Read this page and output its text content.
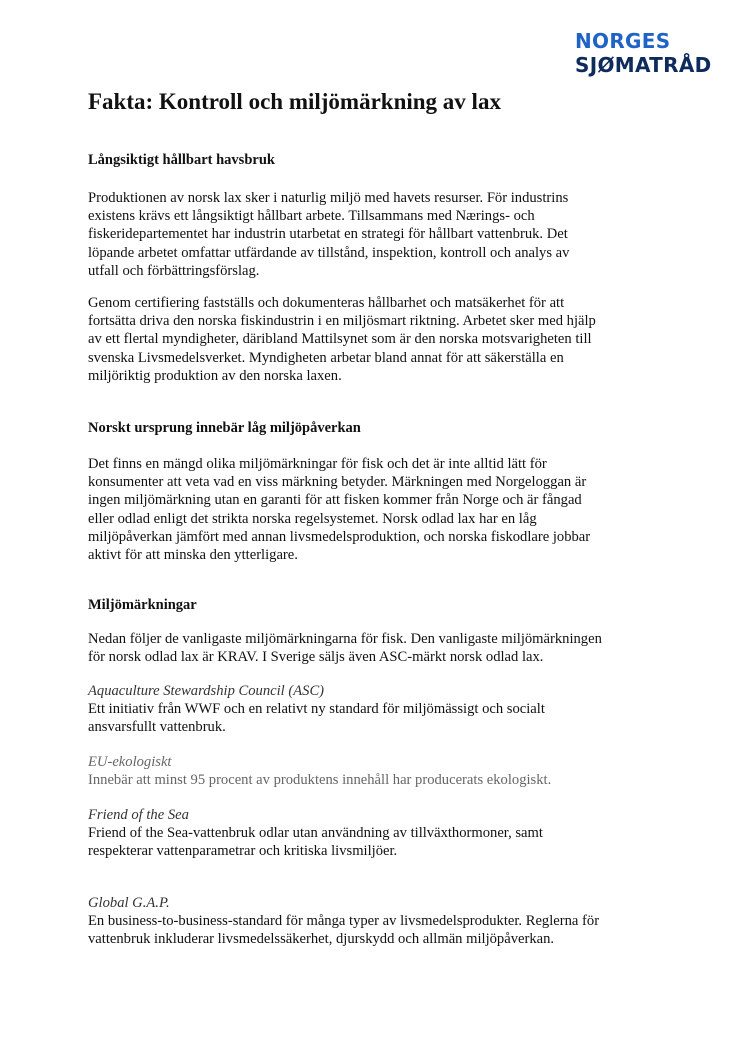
NORGES
SJØMATRÅD
Fakta: Kontroll och miljömärkning av lax
Långsiktigt hållbart havsbruk
Produktionen av norsk lax sker i naturlig miljö med havets resurser. För industrins
existens krävs ett långsiktigt hållbart arbete. Tillsammans med Nærings- och
fiskeridepartementet har industrin utarbetat en strategi för hållbart vattenbruk. Det
löpande arbetet omfattar utfärdande av tillstånd, inspektion, kontroll och analys av
utfall och förbättringsförslag.
Genom certifiering fastställs och dokumenteras hållbarhet och matsäkerhet för att
fortsätta driva den norska fiskindustrin i en miljösmart riktning. Arbetet sker med hjälp
av ett flertal myndigheter, däribland Mattilsynet som är den norska motsvarigheten till
svenska Livsmedelsverket. Myndigheten arbetar bland annat för att säkerställa en
miljöriktig produktion av den norska laxen.
Norskt ursprung innebär låg miljöpåverkan
Det finns en mängd olika miljömärkningar för fisk och det är inte alltid lätt för
konsumenter att veta vad en viss märkning betyder. Märkningen med Norgeloggan är
ingen miljömärkning utan en garanti för att fisken kommer från Norge och är fångad
eller odlad enligt det strikta norska regelsystemet. Norsk odlad lax har en låg
miljöpåverkan jämfört med annan livsmedelsproduktion, och norska fiskodlare jobbar
aktivt för att minska den ytterligare.
Miljömärkningar
Nedan följer de vanligaste miljömärkningarna för fisk. Den vanligaste miljömärkningen
för norsk odlad lax är KRAV. I Sverige säljs även ASC-märkt norsk odlad lax.
Aquaculture Stewardship Council (ASC)
Ett initiativ från WWF och en relativt ny standard för miljömässigt och socialt
ansvarsfullt vattenbruk.
EU-ekologiskt
Innebär att minst 95 procent av produktens innehåll har producerats ekologiskt.
Friend of the Sea
Friend of the Sea-vattenbruk odlar utan användning av tillväxthormoner, samt
respekterar vattenparametrar och kritiska livsmiljöer.
Global G.A.P.
En business-to-business-standard för många typer av livsmedelsprodukter. Reglerna för
vattenbruk inkluderar livsmedelssäkerhet, djurskydd och allmän miljöpåverkan.
